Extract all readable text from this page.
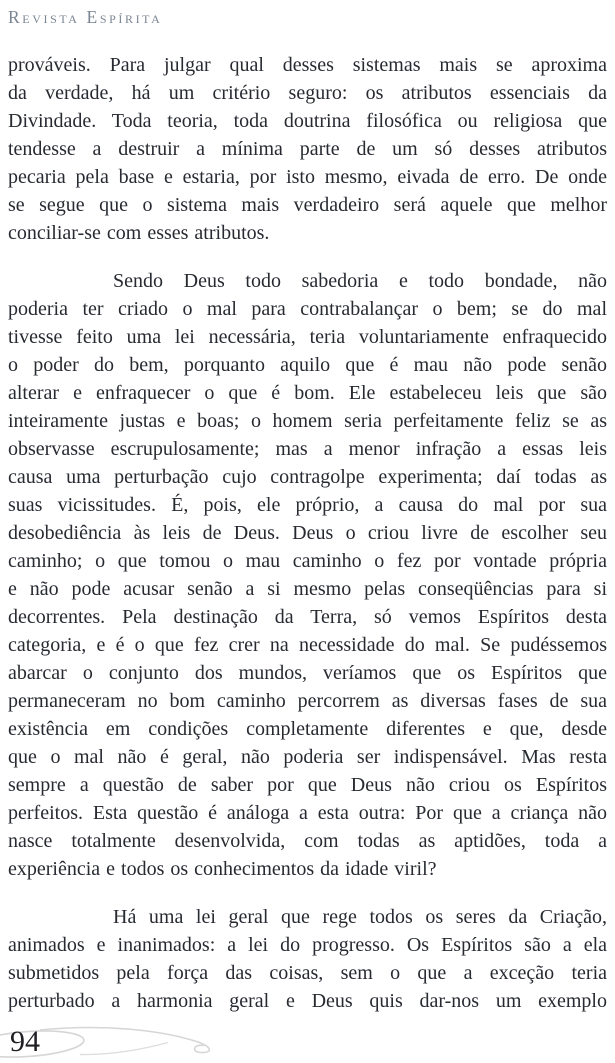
Revista Espírita
prováveis. Para julgar qual desses sistemas mais se aproxima
da verdade, há um critério seguro: os atributos essenciais da
Divindade. Toda teoria, toda doutrina filosófica ou religiosa que
tendesse a destruir a mínima parte de um só desses atributos
pecaria pela base e estaria, por isto mesmo, eivada de erro. De onde
se segue que o sistema mais verdadeiro será aquele que melhor
conciliar-se com esses atributos.
Sendo Deus todo sabedoria e todo bondade, não
poderia ter criado o mal para contrabalançar o bem; se do mal
tivesse feito uma lei necessária, teria voluntariamente enfraquecido
o poder do bem, porquanto aquilo que é mau não pode senão
alterar e enfraquecer o que é bom. Ele estabeleceu leis que são
inteiramente justas e boas; o homem seria perfeitamente feliz se as
observasse escrupulosamente; mas a menor infração a essas leis
causa uma perturbação cujo contragolpe experimenta; daí todas as
suas vicissitudes. É, pois, ele próprio, a causa do mal por sua
desobediência às leis de Deus. Deus o criou livre de escolher seu
caminho; o que tomou o mau caminho o fez por vontade própria
e não pode acusar senão a si mesmo pelas conseqüências para si
decorrentes. Pela destinação da Terra, só vemos Espíritos desta
categoria, e é o que fez crer na necessidade do mal. Se pudéssemos
abarcar o conjunto dos mundos, veríamos que os Espíritos que
permaneceram no bom caminho percorrem as diversas fases de sua
existência em condições completamente diferentes e que, desde
que o mal não é geral, não poderia ser indispensável. Mas resta
sempre a questão de saber por que Deus não criou os Espíritos
perfeitos. Esta questão é análoga a esta outra: Por que a criança não
nasce totalmente desenvolvida, com todas as aptidões, toda a
experiência e todos os conhecimentos da idade viril?
Há uma lei geral que rege todos os seres da Criação,
animados e inanimados: a lei do progresso. Os Espíritos são a ela
submetidos pela força das coisas, sem o que a exceção teria
perturbado a harmonia geral e Deus quis dar-nos um exemplo
94
